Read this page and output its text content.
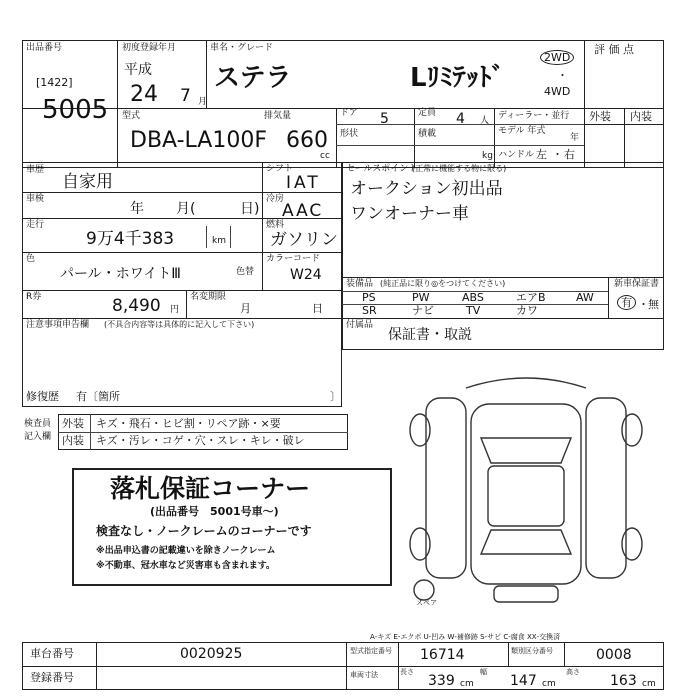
出品番号
[1422]
5005
初度登録年月
平成
24 7 月
車名・グレード
ステラ	Lﾘﾐﾃｯﾄﾞ
2WD
・
4WD
評 価 点
外装 内装
型式
DBA-LA100F
排気量
660
cc
ドア 5
形状
定員 4 人
積載
kg
ディーラー・並行
モデル 年式
年
ハンドル 左 ・ 右
車歴
自家用
シフト
IAT
車検
年 月(	日)
冷房
AAC
走行
9万4千383	km
燃料
ガソリン
色
パール・ホワイトⅢ	色替
カラーコード
W24
R券	8,490 円
名変期限
月	日
注意事項申告欄 (不具合内容等は具体的に記入して下さい)
修復歴 有〔箇所	〕
セールスポイント
(正常に機能する物に限る)
オークション初出品
ワンオーナー車
装備品 (純正品に限り◎をつけてください)
PS	PW	ABS	エアB	AW
SR	ナビ	TV	カワ
新車保証書
有 ・ 無
付属品
保証書・取説
検査員
記入欄
外装 キズ・飛石・ヒビ割・リペア跡・×要
内装 キズ・汚レ・コゲ・穴・スレ・キレ・破レ
落札保証コーナー
(出品番号　5001号車〜)
検査なし・ノークレームのコーナーです
※出品申込書の記載違いを除きノークレーム
※不動車、冠水車など災害車も含まれます。
スペア
A‐キズ E‐エクボ U‐凹み W‐補修跡 S‐サビ C‐腐食 XX‐交換済
車台番号	0020925
登録番号
型式指定番号 16714	類別区分番号	0008
車両寸法	長さ
339 cm
幅
147 cm
高さ
163 cm
